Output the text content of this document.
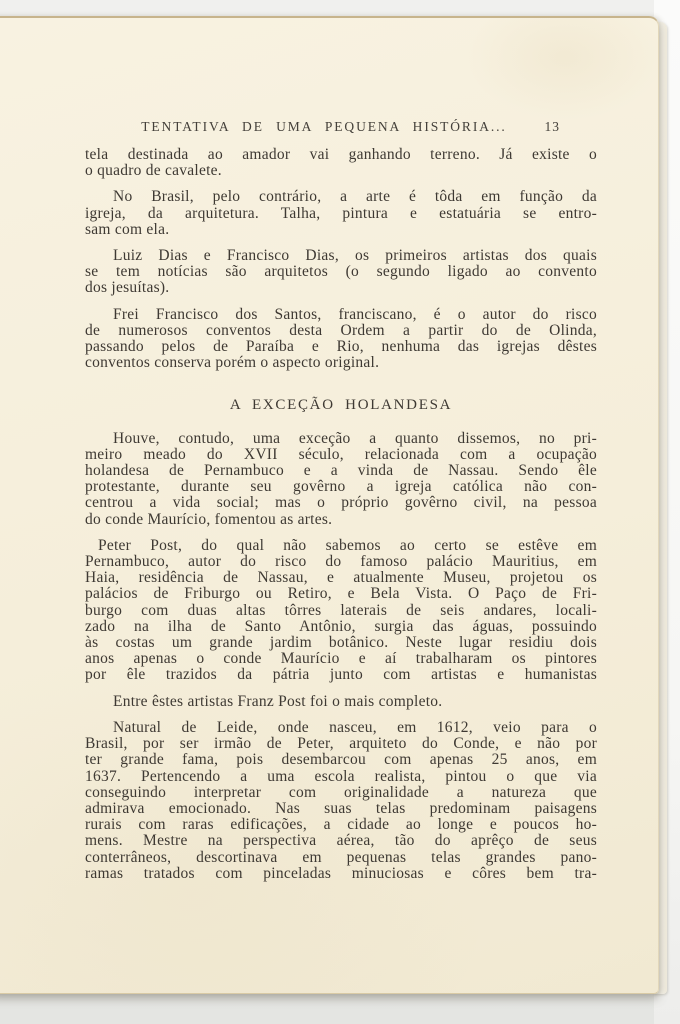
TENTATIVA DE UMA PEQUENA HISTÓRIA...	13
tela destinada ao amador vai ganhando terreno. Já existe o
o quadro de cavalete.
No Brasil, pelo contrário, a arte é tôda em função da
igreja, da arquitetura. Talha, pintura e estatuária se entro-
sam com ela.
Luiz Dias e Francisco Dias, os primeiros artistas dos quais
se tem notícias são arquitetos (o segundo ligado ao convento
dos jesuítas).
Frei Francisco dos Santos, franciscano, é o autor do risco
de numerosos conventos desta Ordem a partir do de Olinda,
passando pelos de Paraíba e Rio, nenhuma das igrejas dêstes
conventos conserva porém o aspecto original.
A EXCEÇÃO HOLANDESA
Houve, contudo, uma exceção a quanto dissemos, no pri-
meiro meado do XVII século, relacionada com a ocupação
holandesa de Pernambuco e a vinda de Nassau. Sendo êle
protestante, durante seu govêrno a igreja católica não con-
centrou a vida social; mas o próprio govêrno civil, na pessoa
do conde Maurício, fomentou as artes.
Peter Post, do qual não sabemos ao certo se estêve em
Pernambuco, autor do risco do famoso palácio Mauritius, em
Haia, residência de Nassau, e atualmente Museu, projetou os
palácios de Friburgo ou Retiro, e Bela Vista. O Paço de Fri-
burgo com duas altas tôrres laterais de seis andares, locali-
zado na ilha de Santo Antônio, surgia das águas, possuindo
às costas um grande jardim botânico. Neste lugar residiu dois
anos apenas o conde Maurício e aí trabalharam os pintores
por êle trazidos da pátria junto com artistas e humanistas
Entre êstes artistas Franz Post foi o mais completo.
Natural de Leide, onde nasceu, em 1612, veio para o
Brasil, por ser irmão de Peter, arquiteto do Conde, e não por
ter grande fama, pois desembarcou com apenas 25 anos, em
1637. Pertencendo a uma escola realista, pintou o que via
conseguindo interpretar com originalidade a natureza que
admirava emocionado. Nas suas telas predominam paisagens
rurais com raras edificações, a cidade ao longe e poucos ho-
mens. Mestre na perspectiva aérea, tão do aprêço de seus
conterrâneos, descortinava em pequenas telas grandes pano-
ramas tratados com pinceladas minuciosas e côres bem tra-
